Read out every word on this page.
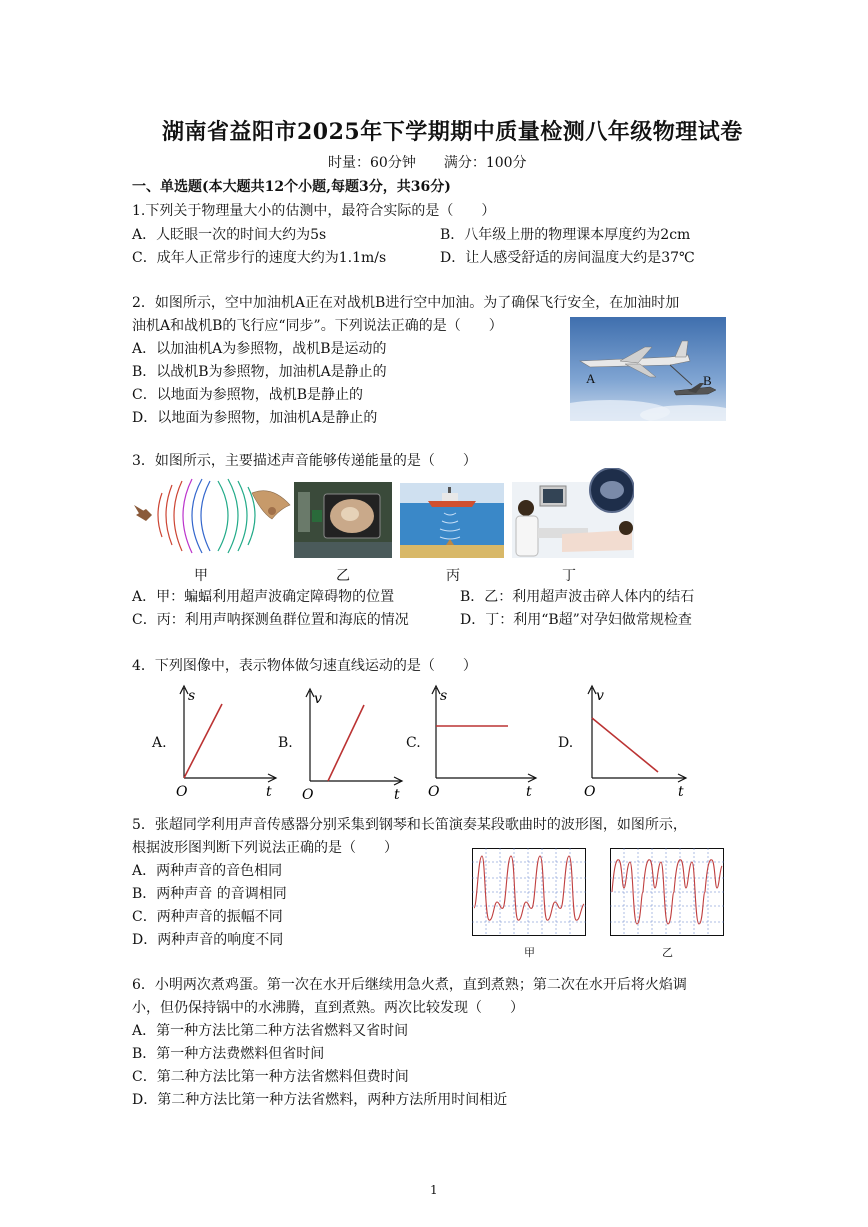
湖南省益阳市2025年下学期期中质量检测八年级物理试卷
时量：60分钟　　满分：100分
一、单选题(本大题共12个小题,每题3分，共36分)
1.下列关于物理量大小的估测中，最符合实际的是（　　）
A．人眨眼一次的时间大约为5s	B．八年级上册的物理课本厚度约为2cm
C．成年人正常步行的速度大约为1.1m/s	D．让人感受舒适的房间温度大约是37℃
2．如图所示，空中加油机A正在对战机B进行空中加油。为了确保飞行安全，在加油时加
油机A和战机B的飞行应“同步”。下列说法正确的是（　　）
A．以加油机A为参照物，战机B是运动的
B．以战机B为参照物，加油机A是静止的
C．以地面为参照物，战机B是静止的
D．以地面为参照物，加油机A是静止的
A	B
3．如图所示，主要描述声音能够传递能量的是（　　）
甲	乙	丙	丁
A．甲：蝙蝠利用超声波确定障碍物的位置	B．乙：利用超声波击碎人体内的结石
C．丙：利用声呐探测鱼群位置和海底的情况	D．丁：利用“B超”对孕妇做常规检查
4．下列图像中，表示物体做匀速直线运动的是（　　）
A.
s
t
O
B.
v
t
O
C.
s
t
O
D.
v
t
O
5．张超同学利用声音传感器分别采集到钢琴和长笛演奏某段歌曲时的波形图，如图所示，
根据波形图判断下列说法正确的是（　　）
A．两种声音的音色相同
B．两种声音 的音调相同
C．两种声音的振幅不同
D．两种声音的响度不同
甲	乙
6．小明两次煮鸡蛋。第一次在水开后继续用急火煮，直到煮熟；第二次在水开后将火焰调
小，但仍保持锅中的水沸腾，直到煮熟。两次比较发现（　　）
A．第一种方法比第二种方法省燃料又省时间
B．第一种方法费燃料但省时间
C．第二种方法比第一种方法省燃料但费时间
D．第二种方法比第一种方法省燃料，两种方法所用时间相近
1
